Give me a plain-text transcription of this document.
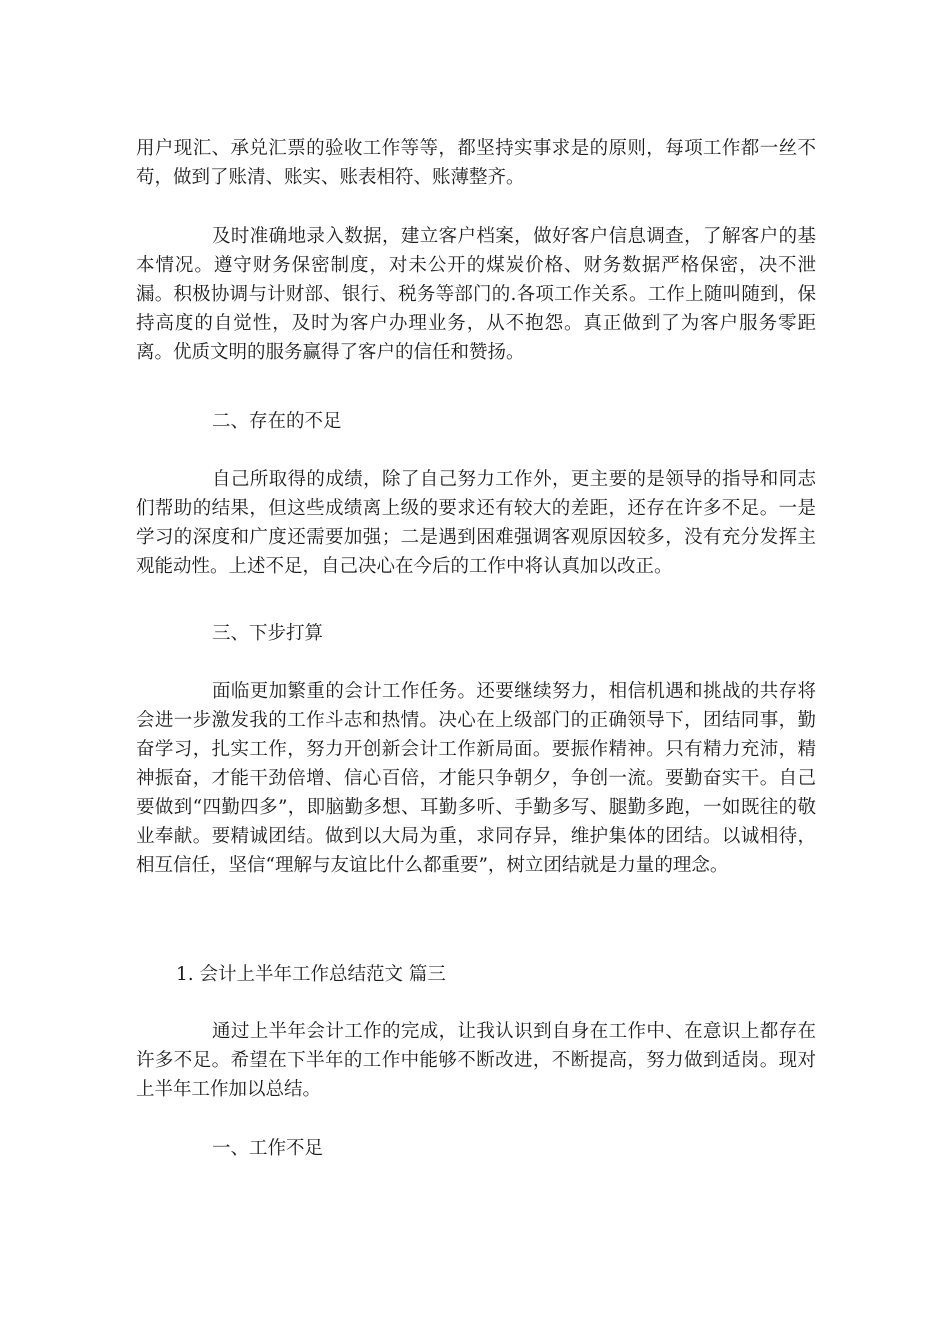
用户现汇、承兑汇票的验收工作等等，都坚持实事求是的原则，每项工作都一丝不苟，做到了账清、账实、账表相符、账薄整齐。

及时准确地录入数据，建立客户档案，做好客户信息调查，了解客户的基本情况。遵守财务保密制度，对未公开的煤炭价格、财务数据严格保密，决不泄漏。积极协调与计财部、银行、税务等部门的.各项工作关系。工作上随叫随到，保持高度的自觉性，及时为客户办理业务，从不抱怨。真正做到了为客户服务零距离。优质文明的服务赢得了客户的信任和赞扬。

二、存在的不足

自己所取得的成绩，除了自己努力工作外，更主要的是领导的指导和同志们帮助的结果，但这些成绩离上级的要求还有较大的差距，还存在许多不足。一是学习的深度和广度还需要加强；二是遇到困难强调客观原因较多，没有充分发挥主观能动性。上述不足，自己决心在今后的工作中将认真加以改正。

三、下步打算

面临更加繁重的会计工作任务。还要继续努力，相信机遇和挑战的共存将会进一步激发我的工作斗志和热情。决心在上级部门的正确领导下，团结同事，勤奋学习，扎实工作，努力开创新会计工作新局面。要振作精神。只有精力充沛，精神振奋，才能干劲倍增、信心百倍，才能只争朝夕，争创一流。要勤奋实干。自己要做到“四勤四多”，即脑勤多想、耳勤多听、手勤多写、腿勤多跑，一如既往的敬业奉献。要精诚团结。做到以大局为重，求同存异，维护集体的团结。以诚相待，相互信任，坚信“理解与友谊比什么都重要”，树立团结就是力量的理念。

1. 会计上半年工作总结范文 篇三

通过上半年会计工作的完成，让我认识到自身在工作中、在意识上都存在许多不足。希望在下半年的工作中能够不断改进，不断提高，努力做到适岗。现对上半年工作加以总结。

一、工作不足
